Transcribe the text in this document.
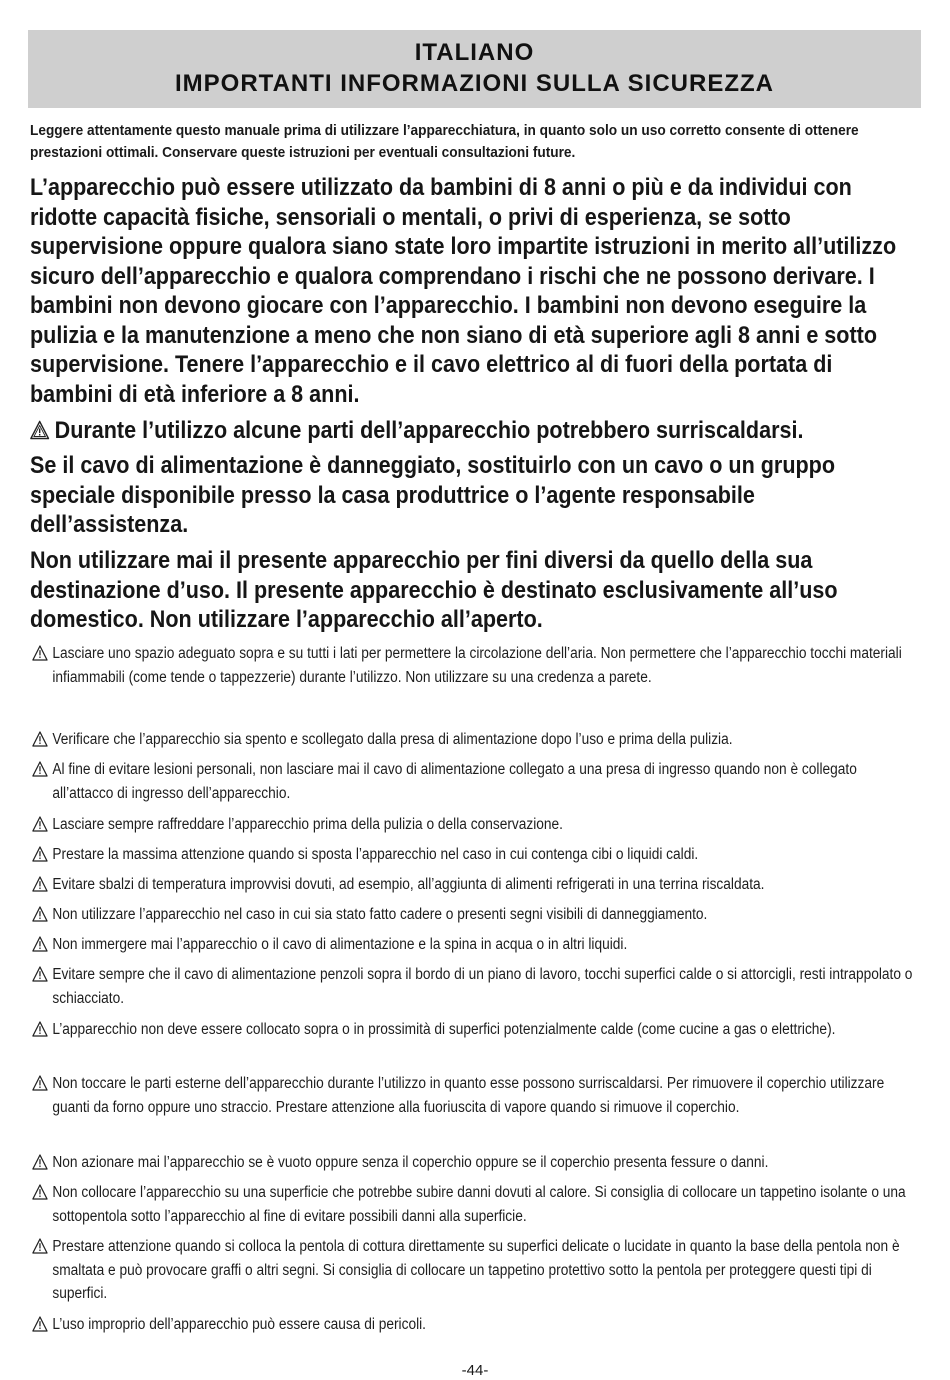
ITALIANO
IMPORTANTI INFORMAZIONI SULLA SICUREZZA
Leggere attentamente questo manuale prima di utilizzare l’apparecchiatura, in quanto solo un uso corretto consente di ottenere prestazioni ottimali. Conservare queste istruzioni per eventuali consultazioni future.
L’apparecchio può essere utilizzato da bambini di 8 anni o più e da individui con ridotte capacità fisiche, sensoriali o mentali, o privi di esperienza, se sotto supervisione oppure qualora siano state loro impartite istruzioni in merito all’utilizzo sicuro dell’apparecchio e qualora comprendano i rischi che ne possono derivare. I bambini non devono giocare con l’apparecchio. I bambini non devono eseguire la pulizia e la manutenzione a meno che non siano di età superiore agli 8 anni e sotto supervisione. Tenere l’apparecchio e il cavo elettrico al di fuori della portata di bambini di età inferiore a 8 anni.
Durante l’utilizzo alcune parti dell’apparecchio potrebbero surriscaldarsi.
Se il cavo di alimentazione è danneggiato, sostituirlo con un cavo o un gruppo speciale disponibile presso la casa produttrice o l’agente responsabile dell’assistenza.
Non utilizzare mai il presente apparecchio per fini diversi da quello della sua destinazione d’uso. Il presente apparecchio è destinato esclusivamente all’uso domestico. Non utilizzare l’apparecchio all’aperto.
Lasciare uno spazio adeguato sopra e su tutti i lati per permettere la circolazione dell’aria. Non permettere che l’apparecchio tocchi materiali infiammabili (come tende o tappezzerie) durante l’utilizzo. Non utilizzare su una credenza a parete.
Verificare che l’apparecchio sia spento e scollegato dalla presa di alimentazione dopo l’uso e prima della pulizia.
Al fine di evitare lesioni personali, non lasciare mai il cavo di alimentazione collegato a una presa di ingresso quando non è collegato all’attacco di ingresso dell’apparecchio.
Lasciare sempre raffreddare l’apparecchio prima della pulizia o della conservazione.
Prestare la massima attenzione quando si sposta l’apparecchio nel caso in cui contenga cibi o liquidi caldi.
Evitare sbalzi di temperatura improvvisi dovuti, ad esempio, all’aggiunta di alimenti refrigerati in una terrina riscaldata.
Non utilizzare l’apparecchio nel caso in cui sia stato fatto cadere o presenti segni visibili di danneggiamento.
Non immergere mai l’apparecchio o il cavo di alimentazione e la spina in acqua o in altri liquidi.
Evitare sempre che il cavo di alimentazione penzoli sopra il bordo di un piano di lavoro, tocchi superfici calde o si attorcigli, resti intrappolato o schiacciato.
L’apparecchio non deve essere collocato sopra o in prossimità di superfici potenzialmente calde (come cucine a gas o elettriche).
Non toccare le parti esterne dell’apparecchio durante l’utilizzo in quanto esse possono surriscaldarsi. Per rimuovere il coperchio utilizzare guanti da forno oppure uno straccio. Prestare attenzione alla fuoriuscita di vapore quando si rimuove il coperchio.
Non azionare mai l’apparecchio se è vuoto oppure senza il coperchio oppure se il coperchio presenta fessure o danni.
Non collocare l’apparecchio su una superficie che potrebbe subire danni dovuti al calore. Si consiglia di collocare un tappetino isolante o una sottopentola sotto l’apparecchio al fine di evitare possibili danni alla superficie.
Prestare attenzione quando si colloca la pentola di cottura direttamente su superfici delicate o lucidate in quanto la base della pentola non è smaltata e può provocare graffi o altri segni. Si consiglia di collocare un tappetino protettivo sotto la pentola per proteggere questi tipi di superfici.
L’uso improprio dell’apparecchio può essere causa di pericoli.
-44-
